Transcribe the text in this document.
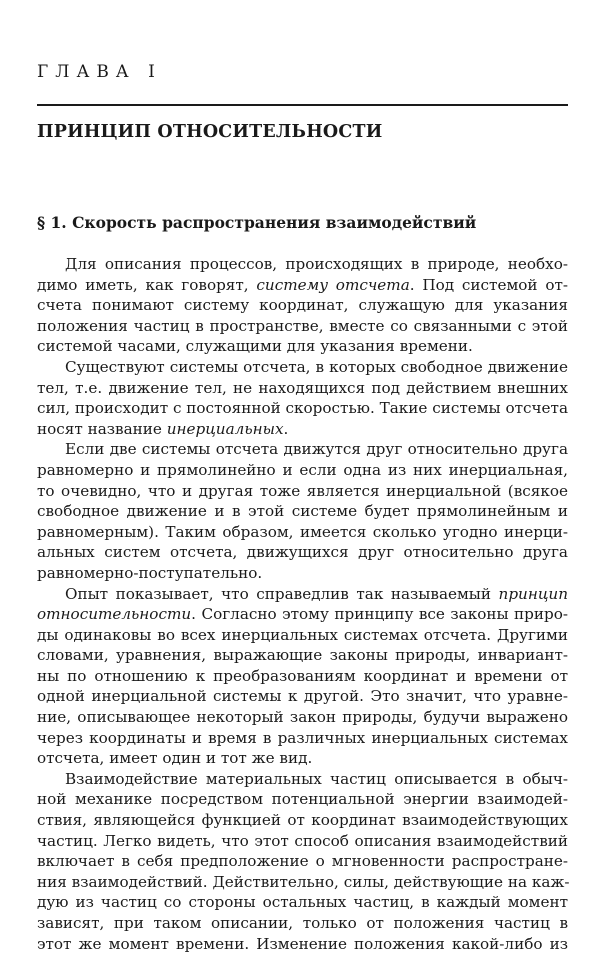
ГЛАВА I
ПРИНЦИП ОТНОСИТЕЛЬНОСТИ
§ 1. Скорость распространения взаимодействий
Для описания процессов, происходящих в природе, необхо-
димо иметь, как говорят, систему отсчета. Под системой от-
счета понимают систему координат, служащую для указания
положения частиц в пространстве, вместе со связанными с этой
системой часами, служащими для указания времени.
Существуют системы отсчета, в которых свободное движение
тел, т.е. движение тел, не находящихся под действием внешних
сил, происходит с постоянной скоростью. Такие системы отсчета
носят название инерциальных.
Если две системы отсчета движутся друг относительно друга
равномерно и прямолинейно и если одна из них инерциальная,
то очевидно, что и другая тоже является инерциальной (всякое
свободное движение и в этой системе будет прямолинейным и
равномерным). Таким образом, имеется сколько угодно инерци-
альных систем отсчета, движущихся друг относительно друга
равномерно-поступательно.
Опыт показывает, что справедлив так называемый принцип
относительности. Согласно этому принципу все законы приро-
ды одинаковы во всех инерциальных системах отсчета. Другими
словами, уравнения, выражающие законы природы, инвариант-
ны по отношению к преобразованиям координат и времени от
одной инерциальной системы к другой. Это значит, что уравне-
ние, описывающее некоторый закон природы, будучи выражено
через координаты и время в различных инерциальных системах
отсчета, имеет один и тот же вид.
Взаимодействие материальных частиц описывается в обыч-
ной механике посредством потенциальной энергии взаимодей-
ствия, являющейся функцией от координат взаимодействующих
частиц. Легко видеть, что этот способ описания взаимодействий
включает в себя предположение о мгновенности распростране-
ния взаимодействий. Действительно, силы, действующие на каж-
дую из частиц со стороны остальных частиц, в каждый момент
зависят, при таком описании, только от положения частиц в
этот же момент времени. Изменение положения какой-либо из
